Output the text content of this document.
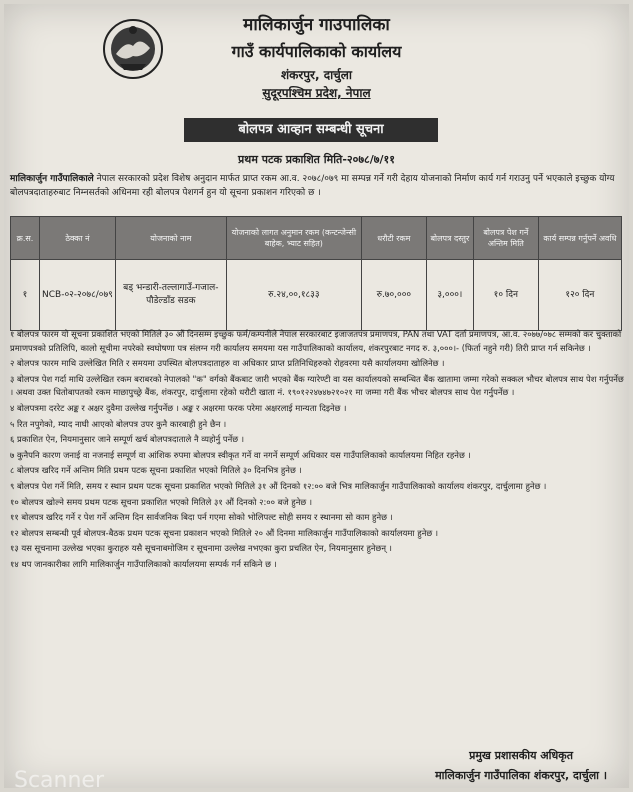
मालिकार्जुन गाउपालिका
गाउँ कार्यपालिकाको कार्यालय
शंकरपुर, दार्चुला
सुदूरपश्चिम प्रदेश, नेपाल
बोलपत्र आव्हान सम्बन्धी सूचना
प्रथम पटक प्रकाशित मिति-२०७८/७/११
मालिकार्जुन गाउँपालिकाले नेपाल सरकारको प्रदेश विशेष अनुदान मार्फत प्राप्त रकम आ.व. २०७८/०७९ मा सम्पन्न गर्ने गरी देहाय योजनाको निर्माण कार्य गर्न गराउनु पर्ने भएकाले इच्छुक योग्य बोलपत्रदाताहरुबाट निम्नसर्तको अधिनमा रही बोलपत्र पेशगर्न हुन यो सूचना प्रकाशन गरिएको छ ।
क्र.स.	ठेक्का नं	योजनाको नाम	योजनाको लागत अनुमान रकम (कन्टन्जेन्सी बाहेक, भ्याट सहित)	धरौटी रकम	बोलपत्र दस्तुर	बोलपत्र पेश गर्ने अन्तिम मिति	कार्य सम्पन्न गर्नुपर्ने अवधि
१	NCB-०२-२०७८/०७९	बड् भन्डारी-तल्लागाउँ-गजाल-पौडेल्डाँड सडक	रु.२४,००,१८३३	रु.७०,०००	३,०००।	१० दिन	१२० दिन
१ बोलपत्र फारम यो सूचना प्रकाशित भएको मितिले ३० औं दिनसम्म इच्छुक फर्म/कम्पनीले नेपाल सरकारबाट इजाजतपत्र प्रमाणपत्र, PAN तथा VAT दर्ता प्रमाणपत्र, आ.व. २०७७/०७८ सम्मको कर चुक्ताको प्रमाणपत्रको प्रतिलिपि, कालो सूचीमा नपरेको स्वघोषणा पत्र संलग्न गरी कार्यालय समयमा यस गाउँपालिकाको कार्यालय, शंकरपुरबाट नगद रु. ३,०००।- (फिर्ता नहुने गरी) तिरी प्राप्त गर्न सकिनेछ ।
२ बोलपत्र फारम माथि उल्लेखित मिति र समयमा उपस्थित बोलपत्रदाताहरु वा अधिकार प्राप्त प्रतिनिधिहरुको रोहवरमा यसै कार्यालयमा खोलिनेछ ।
३ बोलपत्र पेश गर्दा माथि उल्लेखित रकम बराबरको नेपालको "क" वर्गको बैंकबाट जारी भएको बैंक ग्यारेण्टी वा यस कार्यालयको सम्बन्धित बैंक खातामा जम्मा गरेको सक्कल भौचर बोलपत्र साथ पेश गर्नुपर्नेछ । अथवा उक्त धितोबापतको रकम माछापुच्छ्रे बैंक, शंकरपुर, दार्चुलामा रहेको धरौटी खाता नं. १९०१२२४७४७२१०२१ मा जम्मा गरी बैंक भौचर बोलपत्र साथ पेश गर्नुपर्नेछ ।
४ बोलपत्रमा दररेट अङ्क र अक्षर दुवैमा उल्लेख गर्नुपर्नेछ । अङ्क र अक्षरमा फरक परेमा अक्षरलाई मान्यता दिइनेछ ।
५ रित नपुगेको, म्याद नाघी आएको बोलपत्र उपर कुनै कारबाही हुने छैन ।
६ प्रकाशित ऐन, नियमानुसार जाने सम्पूर्ण खर्च बोलपत्रदाताले नै व्यहोर्नु पर्नेछ ।
७ कुनैपनि कारण जनाई वा नजनाई सम्पूर्ण वा आंशिक रुपमा बोलपत्र स्वीकृत गर्ने वा नगर्ने सम्पूर्ण अधिकार यस गाउँपालिकाको कार्यालयमा निहित रहनेछ ।
८ बोलपत्र खरिद गर्ने अन्तिम मिति प्रथम पटक सूचना प्रकाशित भएको मितिले ३० दिनभित्र हुनेछ ।
९ बोलपत्र पेश गर्ने मिति, समय र स्थान प्रथम पटक सूचना प्रकाशित भएको मितिले ३१ औं दिनको १२:०० बजे भित्र मालिकार्जुन गाउँपालिकाको कार्यालय शंकरपुर, दार्चुलामा हुनेछ ।
१० बोलपत्र खोल्ने समय प्रथम पटक सूचना प्रकाशित भएको मितिले ३१ औं दिनको २:०० बजे हुनेछ ।
११ बोलपत्र खरिद गर्ने र पेश गर्ने अन्तिम दिन सार्वजनिक बिदा पर्न गएमा सोको भोलिपल्ट सोही समय र स्थानमा सो काम हुनेछ ।
१२ बोलपत्र सम्बन्धी पूर्व बोलपत्र-बैठक प्रथम पटक सूचना प्रकाशन भएको मितिले २० औं दिनमा मालिकार्जुन गाउँपालिकाको कार्यालयमा हुनेछ ।
१३ यस सूचनामा उल्लेख भएका कुराहरु यसै सूचनाबमोजिम र सूचनामा उल्लेख नभएका कुरा प्रचलित ऐन, नियमानुसार हुनेछन् ।
१४ थप जानकारीका लागि मालिकार्जुन गाउँपालिकाको कार्यालयमा सम्पर्क गर्न सकिने छ ।
प्रमुख प्रशासकीय अधिकृत
मालिकार्जुन गाउँपालिका शंकरपुर, दार्चुला ।
Scanner
